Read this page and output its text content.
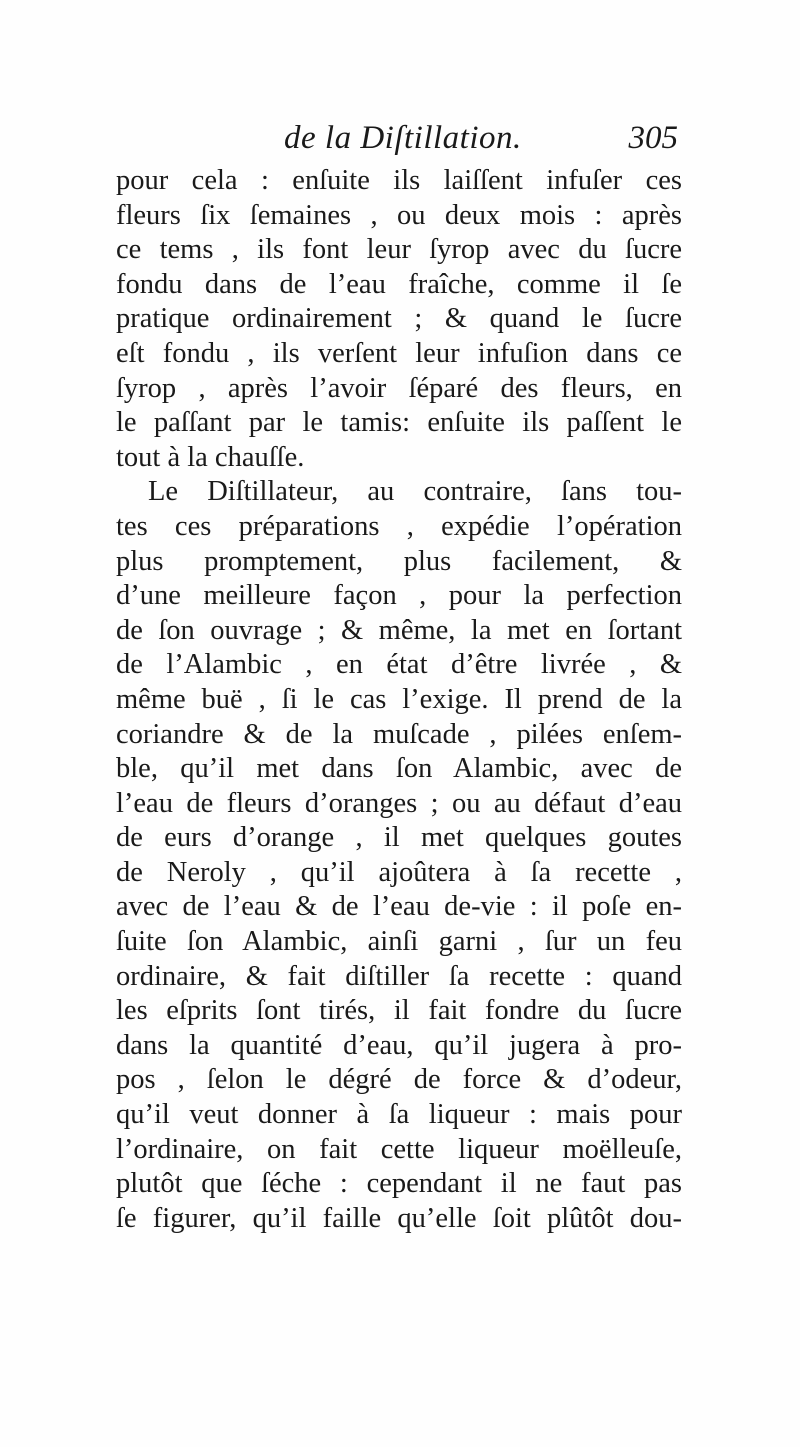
de la Diſtillation.	305
pour cela : enſuite ils laiſſent infuſer ces
fleurs ſix ſemaines , ou deux mois : après
ce tems , ils font leur ſyrop avec du ſucre
fondu dans de l’eau fraîche, comme il ſe
pratique ordinairement ; & quand le ſucre
eſt fondu , ils verſent leur infuſion dans ce
ſyrop , après l’avoir ſéparé des fleurs, en
le paſſant par le tamis: enſuite ils paſſent le
tout à la chauſſe.
Le Diſtillateur, au contraire, ſans tou-
tes ces préparations , expédie l’opération
plus promptement, plus facilement, &
d’une meilleure façon , pour la perfection
de ſon ouvrage ; & même, la met en ſortant
de l’Alambic , en état d’être livrée , &
même buë , ſi le cas l’exige. Il prend de la
coriandre & de la muſcade , pilées enſem-
ble, qu’il met dans ſon Alambic, avec de
l’eau de fleurs d’oranges ; ou au défaut d’eau
de eurs d’orange , il met quelques goutes
de Neroly , qu’il ajoûtera à ſa recette ,
avec de l’eau & de l’eau de-vie : il poſe en-
ſuite ſon Alambic, ainſi garni , ſur un feu
ordinaire, & fait diſtiller ſa recette : quand
les eſprits ſont tirés, il fait fondre du ſucre
dans la quantité d’eau, qu’il jugera à pro-
pos , ſelon le dégré de force & d’odeur,
qu’il veut donner à ſa liqueur : mais pour
l’ordinaire, on fait cette liqueur moëlleuſe,
plutôt que ſéche : cependant il ne faut pas
ſe figurer, qu’il faille qu’elle ſoit plûtôt dou-
